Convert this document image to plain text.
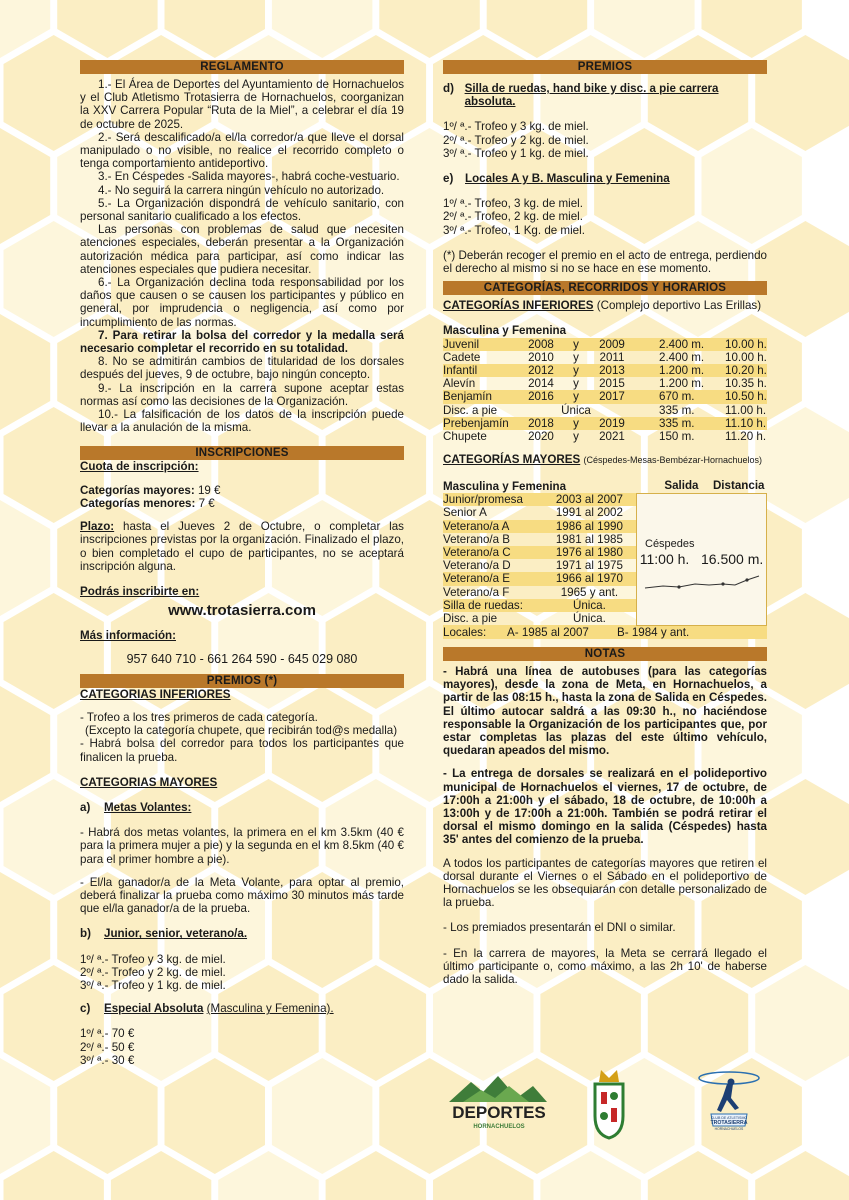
REGLAMENTO

1.- El Área de Deportes del Ayuntamiento de Hornachuelos y el Club Atletismo Trotasierra de Hornachuelos, coorganizan la XXV Carrera Popular “Ruta de la Miel”, a celebrar el día 19 de octubre de 2025.

2.- Será descalificado/a el/la corredor/a que lleve el dorsal manipulado o no visible, no realice el recorrido completo o tenga comportamiento antideportivo.

3.- En Céspedes -Salida mayores-, habrá coche-vestuario.

4.- No seguirá la carrera ningún vehículo no autorizado.

5.- La Organización dispondrá de vehículo sanitario, con personal sanitario cualificado a los efectos.

Las personas con problemas de salud que necesiten atenciones especiales, deberán presentar a la Organización autorización médica para participar, así como indicar las atenciones especiales que pudiera necesitar.

6.- La Organización declina toda responsabilidad por los daños que causen o se causen los participantes y público en general, por imprudencia o negligencia, así como por incumplimiento de las normas.

7. Para retirar la bolsa del corredor y la medalla será necesario completar el recorrido en su totalidad.

8. No se admitirán cambios de titularidad de los dorsales después del jueves, 9 de octubre, bajo ningún concepto.

9.- La inscripción en la carrera supone aceptar estas normas así como las decisiones de la Organización.

10.- La falsificación de los datos de la inscripción puede llevar a la anulación de la misma.

INSCRIPCIONES

Cuota de inscripción:

Categorías mayores: 19 €

Categorías menores: 7 €

Plazo: hasta el Jueves 2 de Octubre, o completar las inscripciones previstas por la organización. Finalizado el plazo, o bien completado el cupo de participantes, no se aceptará inscripción alguna.

Podrás inscribirte en:

www.trotasierra.com

Más información:

957 640 710 - 661 264 590 - 645 029 080

PREMIOS (*)

CATEGORIAS INFERIORES

- Trofeo a los tres primeros de cada categoría.

(Excepto la categoría chupete, que recibirán tod@s medalla)

- Habrá bolsa del corredor para todos los participantes que finalicen la prueba.

CATEGORIAS MAYORES

a)	Metas Volantes:

- Habrá dos metas volantes, la primera en el km 3.5km (40 € para la primera mujer a pie) y la segunda en el km 8.5km (40 € para el primer hombre a pie).

- El/la ganador/a de la Meta Volante, para optar al premio, deberá finalizar la prueba como máximo 30 minutos más tarde que el/la ganador/a de la prueba.

b)	Junior, senior, veterano/a.

1º/ ª.- Trofeo y 3 kg. de miel.

2º/ ª.- Trofeo y 2 kg. de miel.

3º/ ª.- Trofeo y 1 kg. de miel.

c)	Especial Absoluta
(Masculina y Femenina).

1º/ ª.- 70 €

2º/ ª.- 50 €

3º/ ª.- 30 €

PREMIOS
d) Silla de ruedas, hand bike y disc. a pie carrera absoluta.

1º/ ª.- Trofeo y 3 kg. de miel.

2º/ ª.- Trofeo y 2 kg. de miel.

3º/ ª.- Trofeo y 1 kg. de miel.

e)	Locales A y B. Masculina y Femenina

1º/ ª.- Trofeo, 3 kg. de miel.

2º/ ª.- Trofeo, 2 kg. de miel.

3º/ ª.- Trofeo, 1 Kg. de miel.

(*) Deberán recoger el premio en el acto de entrega, perdiendo el derecho al mismo si no se hace en ese momento.

CATEGORÍAS, RECORRIDOS Y HORARIOS

CATEGORÍAS INFERIORES (Complejo deportivo Las Erillas)

Masculina y Femenina

Juvenil	2008	y	2009	2.400 m.	10.00 h.
Cadete	2010	y	2011	2.400 m.	10.00 h.
Infantil	2012	y	2013	1.200 m.	10.20 h.
Alevín	2014	y	2015	1.200 m.	10.35 h.
Benjamín	2016	y	2017	670 m.	10.50 h.
Disc. a pie		Única		335 m.	11.00 h.
Prebenjamín	2018	y	2019	335 m.	11.10 h.
Chupete	2020	y	2021	150 m.	11.20 h.

CATEGORÍAS MAYORES (Céspedes-Mesas-Bembézar-Hornachuelos)

Masculina y Femenina		Salida Distancia
Junior/promesa	2003 al 2007	Céspedes
11:00 h. 16.500 m.

Senior A	1991 al 2002	
Veterano/a A	1986 al 1990	
Veterano/a B	1981 al 1985	
Veterano/a C	1976 al 1980	
Veterano/a D	1971 al 1975	
Veterano/a E	1966 al 1970	
Veterano/a F	1965 y ant.	
Silla de ruedas:	Única.	
Disc. a pie	Única.	
Locales: A- 1985 al 2007 B- 1984 y ant.		
NOTAS

- Habrá una línea de autobuses (para las categorías mayores), desde la zona de Meta, en Hornachuelos, a partir de las 08:15 h., hasta la zona de Salida en Céspedes. El último autocar saldrá a las 09:30 h., no haciéndose responsable la Organización de los participantes que, por estar completas las plazas del este último vehículo, quedaran apeados del mismo.

- La entrega de dorsales se realizará en el polideportivo municipal de Hornachuelos el viernes, 17 de octubre, de 17:00h a 21:00h y el sábado, 18 de octubre, de 10:00h a 13:00h y de 17:00h a 21:00h. También se podrá retirar el dorsal el mismo domingo en la salida (Céspedes) hasta 35' antes del comienzo de la prueba.

A todos los participantes de categorías mayores que retiren el dorsal durante el Viernes o el Sábado en el polideportivo de Hornachuelos se les obsequiarán con detalle personalizado de la prueba.

- Los premiados presentarán el DNI o similar.

- En la carrera de mayores, la Meta se cerrará llegado el último participante o, como máximo, a las 2h 10' de haberse dado la salida.

DEPORTES
HORNACHUELOS
CLUB DE ATLETISMO
TROTASIERRA
HORNACHUELOS
